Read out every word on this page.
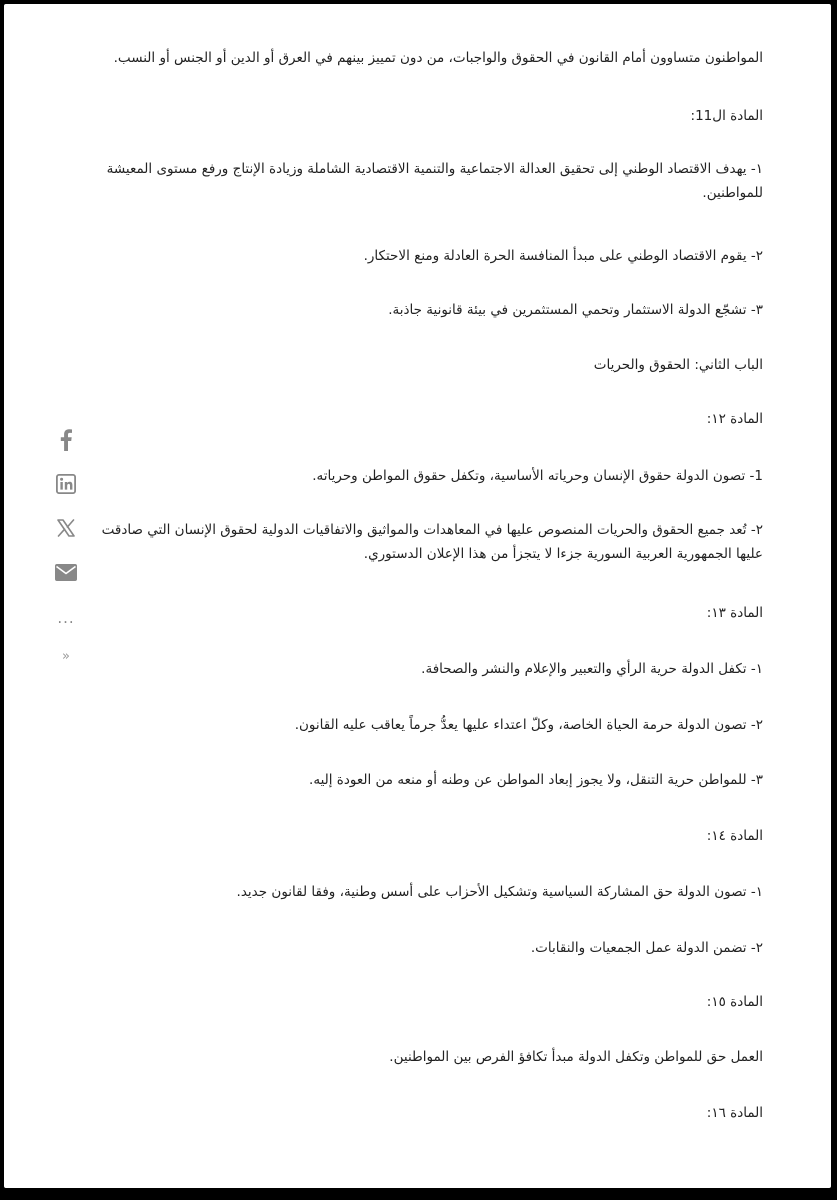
المواطنون متساوون أمام القانون في الحقوق والواجبات، من دون تمييز بينهم في العرق أو الدين أو الجنس أو النسب.

المادة ال11:

١- يهدف الاقتصاد الوطني إلى تحقيق العدالة الاجتماعية والتنمية الاقتصادية الشاملة وزيادة الإنتاج ورفع مستوى المعيشة للمواطنين.

٢- يقوم الاقتصاد الوطني على مبدأ المنافسة الحرة العادلة ومنع الاحتكار.

٣- تشجّع الدولة الاستثمار وتحمي المستثمرين في بيئة قانونية جاذبة.

الباب الثاني: الحقوق والحريات

المادة ١٢:

1- تصون الدولة حقوق الإنسان وحرياته الأساسية، وتكفل حقوق المواطن وحرياته.

٢- تُعد جميع الحقوق والحريات المنصوص عليها في المعاهدات والمواثيق والاتفاقيات الدولية لحقوق الإنسان التي صادقت عليها الجمهورية العربية السورية جزءا لا يتجزأ من هذا الإعلان الدستوري.

المادة ١٣:

١- تكفل الدولة حرية الرأي والتعبير والإعلام والنشر والصحافة.

٢- تصون الدولة حرمة الحياة الخاصة، وكلّ اعتداء عليها يعدُّ جرماً يعاقب عليه القانون.

٣- للمواطن حرية التنقل، ولا يجوز إبعاد المواطن عن وطنه أو منعه من العودة إليه.

المادة ١٤:

١- تصون الدولة حق المشاركة السياسية وتشكيل الأحزاب على أسس وطنية، وفقا لقانون جديد.

٢- تضمن الدولة عمل الجمعيات والنقابات.

المادة ١٥:

العمل حق للمواطن وتكفل الدولة مبدأ تكافؤ الفرص بين المواطنين.

المادة ١٦:

...
»
